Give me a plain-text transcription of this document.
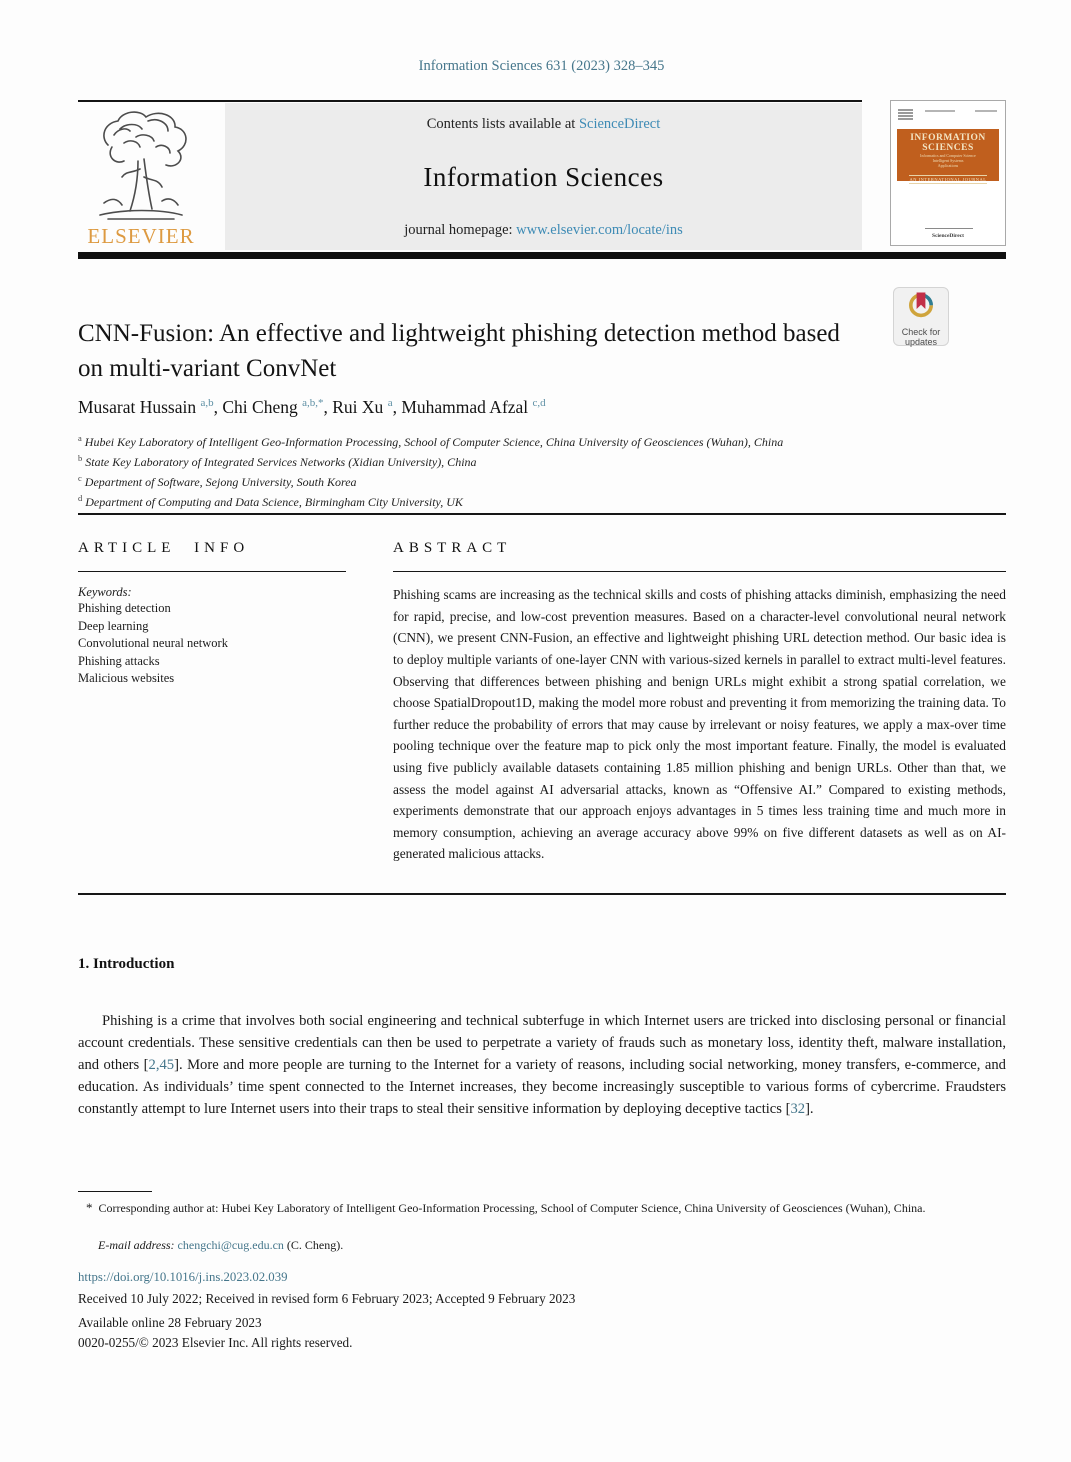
Information Sciences 631 (2023) 328–345
ELSEVIER
Contents lists available at ScienceDirect
Information Sciences
journal homepage: www.elsevier.com/locate/ins
INFORMATION
SCIENCES
Informatics and Computer Science
Intelligent Systems
Applications
AN INTERNATIONAL JOURNAL
ScienceDirect
Check for
updates
CNN-Fusion: An effective and lightweight phishing detection method based on multi-variant ConvNet
Musarat Hussain $^{a,b}$, Chi Cheng $^{a,b,*}$, Rui Xu $^a$, Muhammad Afzal $^{c,d}$
$^a$ Hubei Key Laboratory of Intelligent Geo-Information Processing, School of Computer Science, China University of Geosciences (Wuhan), China
$^b$ State Key Laboratory of Integrated Services Networks (Xidian University), China
$^c$ Department of Software, Sejong University, South Korea
$^d$ Department of Computing and Data Science, Birmingham City University, UK
ARTICLE INFO
Keywords:
Phishing detection
Deep learning
Convolutional neural network
Phishing attacks
Malicious websites
ABSTRACT
Phishing scams are increasing as the technical skills and costs of phishing attacks diminish, emphasizing the need for rapid, precise, and low-cost prevention measures. Based on a character-level convolutional neural network (CNN), we present CNN-Fusion, an effective and lightweight phishing URL detection method. Our basic idea is to deploy multiple variants of one-layer CNN with various-sized kernels in parallel to extract multi-level features. Observing that differences between phishing and benign URLs might exhibit a strong spatial correlation, we choose SpatialDropout1D, making the model more robust and preventing it from memorizing the training data. To further reduce the probability of errors that may cause by irrelevant or noisy features, we apply a max-over time pooling technique over the feature map to pick only the most important feature. Finally, the model is evaluated using five publicly available datasets containing 1.85 million phishing and benign URLs. Other than that, we assess the model against AI adversarial attacks, known as “Offensive AI.” Compared to existing methods, experiments demonstrate that our approach enjoys advantages in 5 times less training time and much more in memory consumption, achieving an average accuracy above 99% on five different datasets as well as on AI-generated malicious attacks.
1. Introduction
Phishing is a crime that involves both social engineering and technical subterfuge in which Internet users are tricked into disclosing personal or financial account credentials. These sensitive credentials can then be used to perpetrate a variety of frauds such as monetary loss, identity theft, malware installation, and others [2,45]. More and more people are turning to the Internet for a variety of reasons, including social networking, money transfers, e-commerce, and education. As individuals’ time spent connected to the Internet increases, they become increasingly susceptible to various forms of cybercrime. Fraudsters constantly attempt to lure Internet users into their traps to steal their sensitive information by deploying deceptive tactics [32].
* Corresponding author at: Hubei Key Laboratory of Intelligent Geo-Information Processing, School of Computer Science, China University of Geosciences (Wuhan), China.
E-mail address: chengchi@cug.edu.cn (C. Cheng).
https://doi.org/10.1016/j.ins.2023.02.039
Received 10 July 2022; Received in revised form 6 February 2023; Accepted 9 February 2023
Available online 28 February 2023
0020-0255/© 2023 Elsevier Inc. All rights reserved.
